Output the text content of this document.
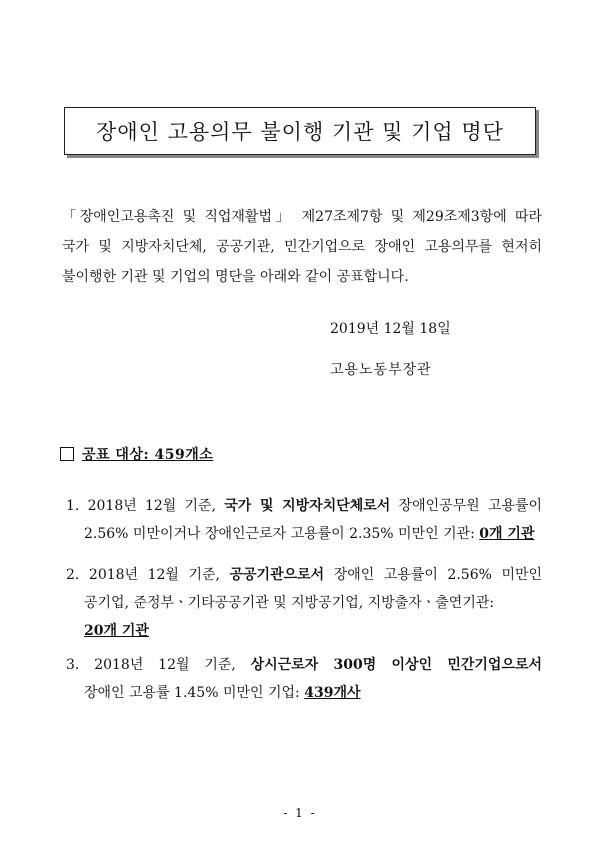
장애인 고용의무 불이행 기관 및 기업 명단

「장애인고용촉진 및 직업재활법」 제27조제7항 및 제29조제3항에 따라

국가 및 지방자치단체, 공공기관, 민간기업으로 장애인 고용의무를 현저히

불이행한 기관 및 기업의 명단을 아래와 같이 공표합니다.

2019년 12월 18일
고용노동부장관
공표 대상: 459개소

1. 2018년 12월 기준, 국가 및 지방자치단체로서 장애인공무원 고용률이

2.56% 미만이거나 장애인근로자 고용률이 2.35% 미만인 기관: 0개 기관

2. 2018년 12월 기준, 공공기관으로서 장애인 고용률이 2.56% 미만인

공기업, 준정부ㆍ기타공공기관 및 지방공기업, 지방출자ㆍ출연기관:

20개 기관

3. 2018년 12월 기준, 상시근로자 300명 이상인 민간기업으로서

장애인 고용률 1.45% 미만인 기업: 439개사

- 1 -
